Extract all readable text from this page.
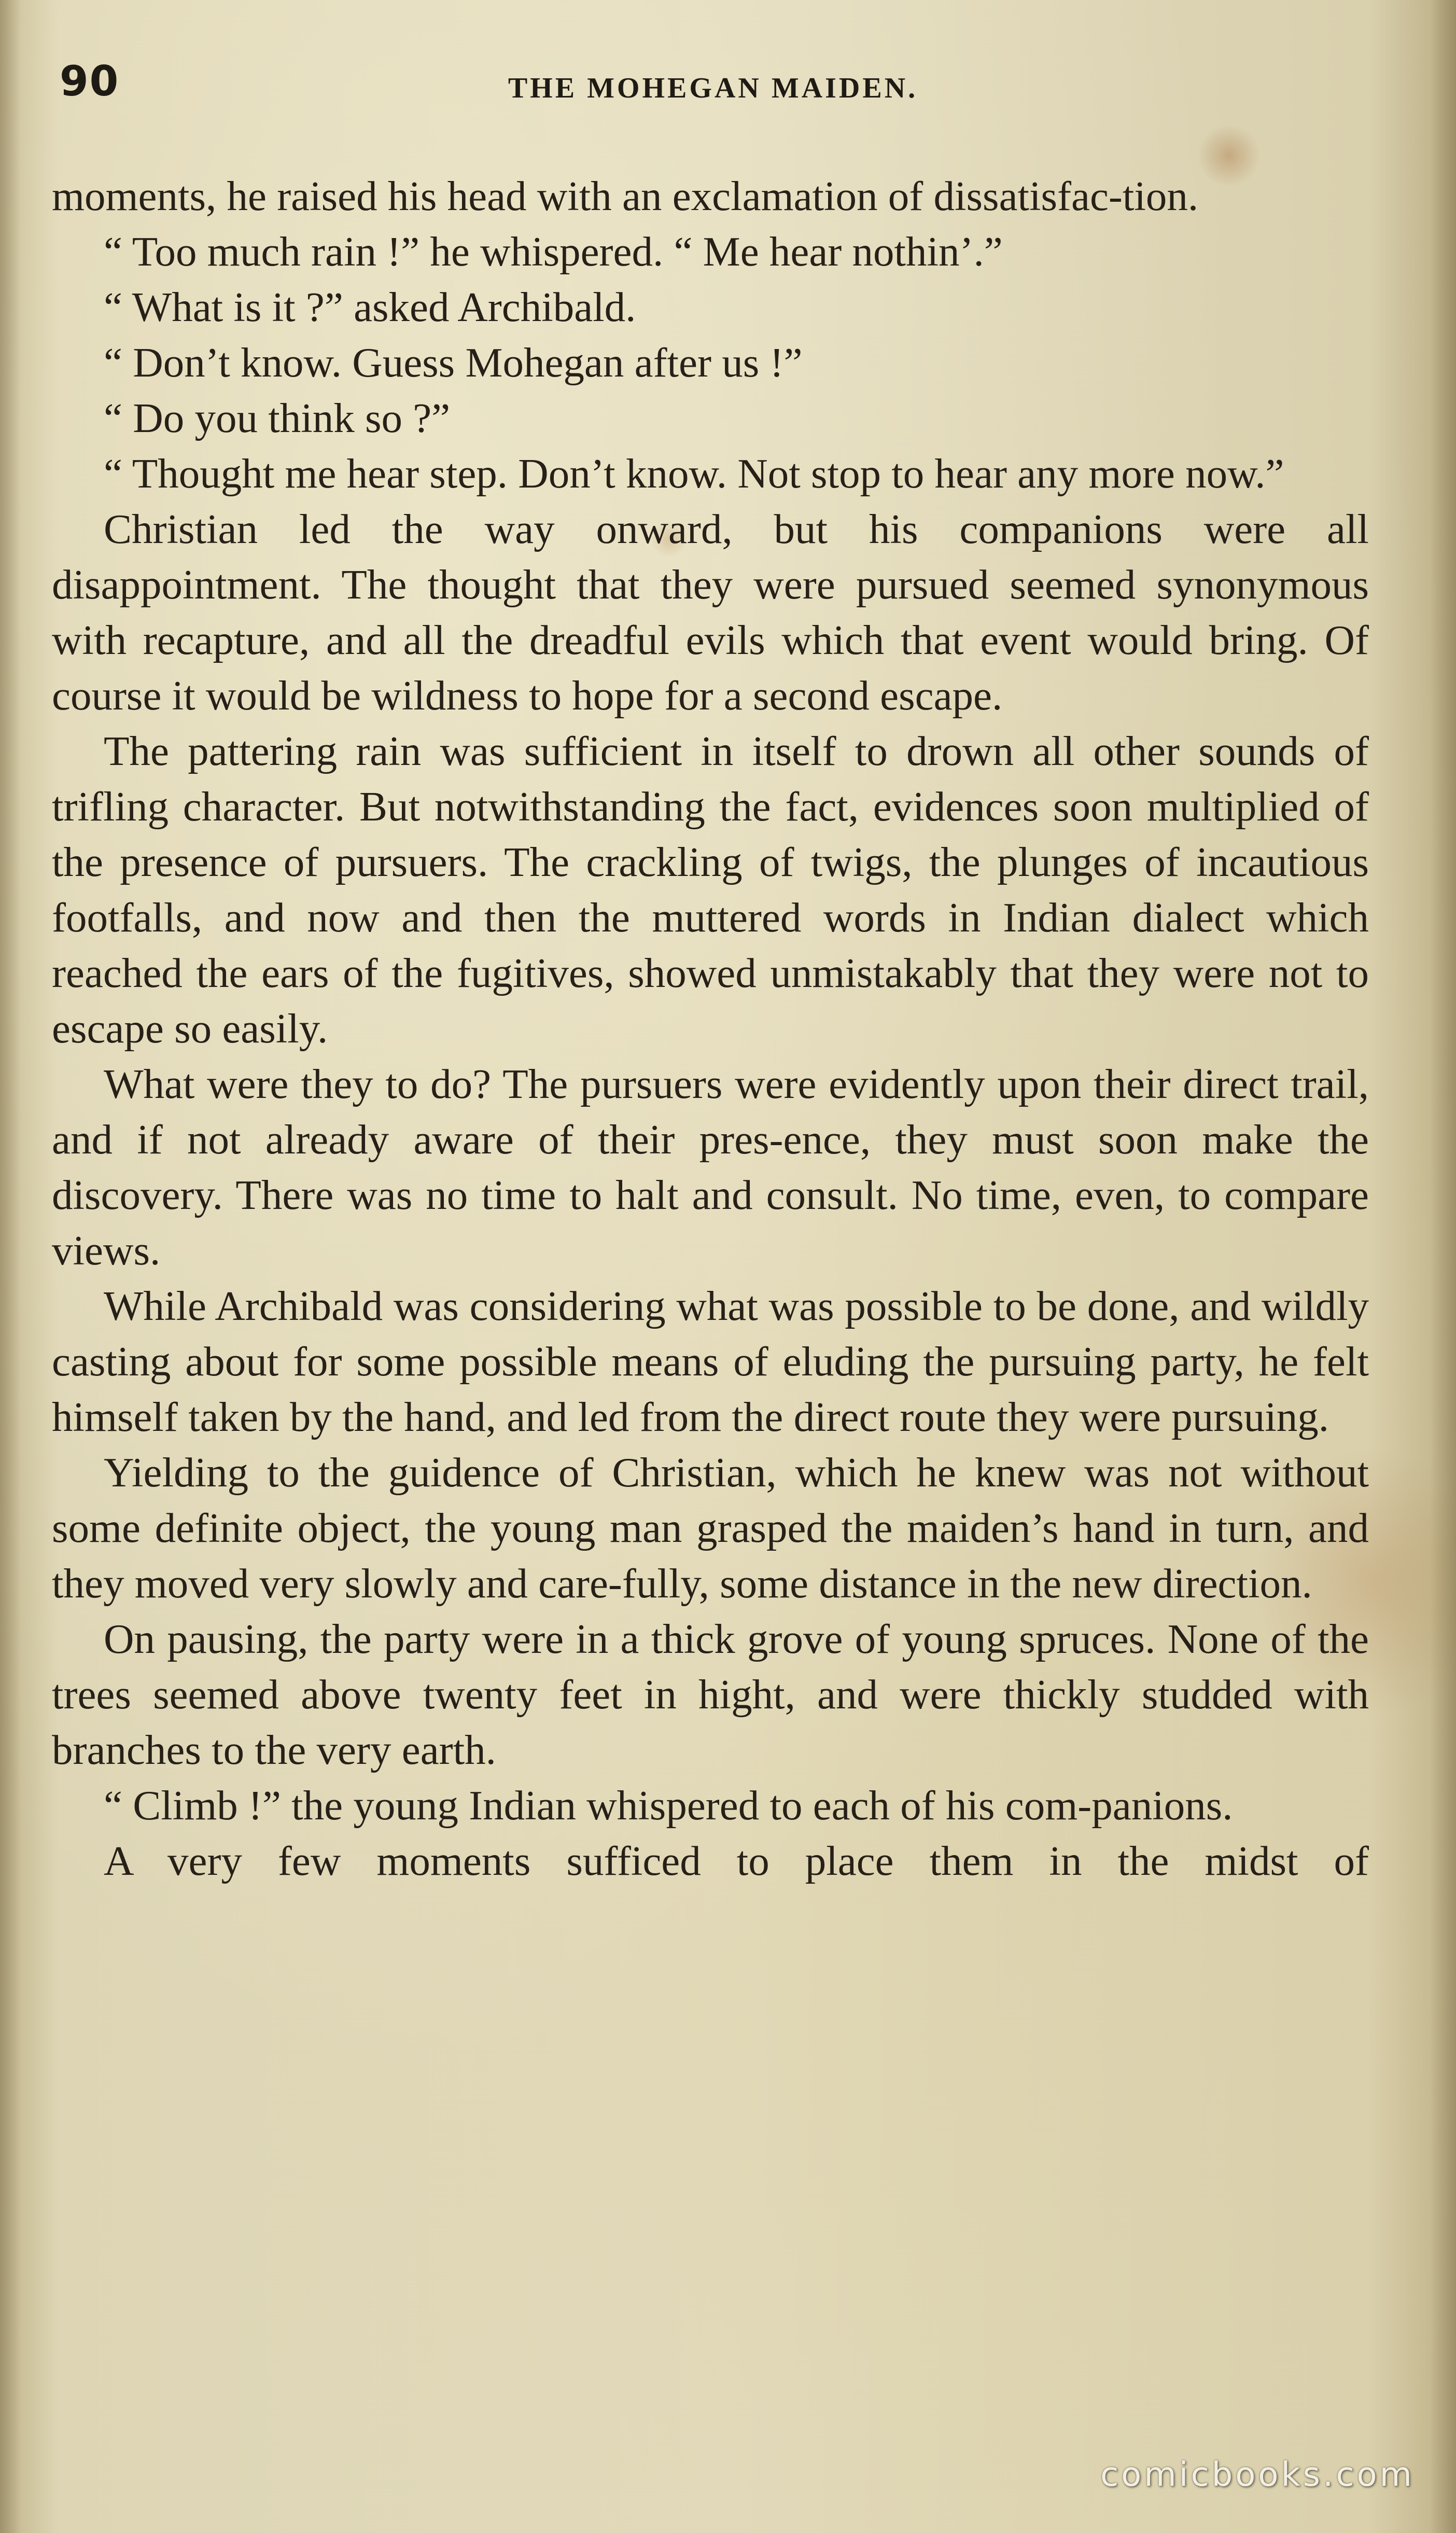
90	THE MOHEGAN MAIDEN.

moments, he raised his head with an exclamation of dissatisfac-tion.

“ Too much rain !” he whispered. “ Me hear nothin’.”

“ What is it ?” asked Archibald.

“ Don’t know. Guess Mohegan after us !”

“ Do you think so ?”

“ Thought me hear step. Don’t know. Not stop to hear any more now.”

Christian led the way onward, but his companions were all disappointment. The thought that they were pursued seemed synonymous with recapture, and all the dreadful evils which that event would bring. Of course it would be wildness to hope for a second escape.

The pattering rain was sufficient in itself to drown all other sounds of trifling character. But notwithstanding the fact, evidences soon multiplied of the presence of pursuers. The crackling of twigs, the plunges of incautious footfalls, and now and then the muttered words in Indian dialect which reached the ears of the fugitives, showed unmistakably that they were not to escape so easily.

What were they to do? The pursuers were evidently upon their direct trail, and if not already aware of their pres-ence, they must soon make the discovery. There was no time to halt and consult. No time, even, to compare views.

While Archibald was considering what was possible to be done, and wildly casting about for some possible means of eluding the pursuing party, he felt himself taken by the hand, and led from the direct route they were pursuing.

Yielding to the guidence of Christian, which he knew was not without some definite object, the young man grasped the maiden’s hand in turn, and they moved very slowly and care-fully, some distance in the new direction.

On pausing, the party were in a thick grove of young spruces. None of the trees seemed above twenty feet in hight, and were thickly studded with branches to the very earth.

“ Climb !” the young Indian whispered to each of his com-panions.

A very few moments sufficed to place them in the midst of

comicbooks.com
